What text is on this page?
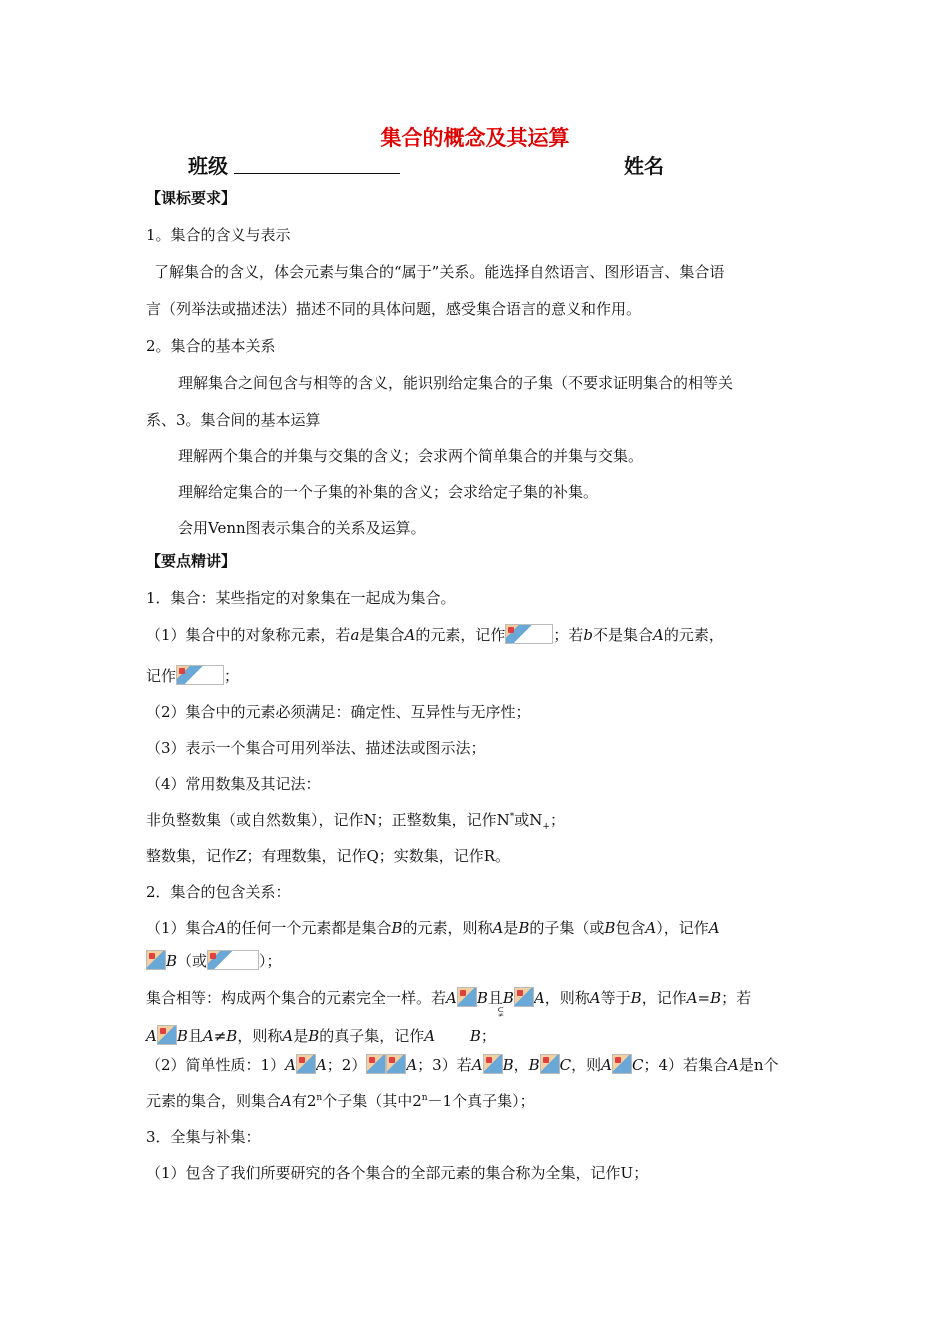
集合的概念及其运算
班级	姓名
【课标要求】
1。集合的含义与表示
了解集合的含义，体会元素与集合的“属于”关系。能选择自然语言、图形语言、集合语
言（列举法或描述法）描述不同的具体问题，感受集合语言的意义和作用。
2。集合的基本关系
理解集合之间包含与相等的含义，能识别给定集合的子集（不要求证明集合的相等关
系、3。集合间的基本运算
理解两个集合的并集与交集的含义；会求两个简单集合的并集与交集。
理解给定集合的一个子集的补集的含义；会求给定子集的补集。
会用Venn图表示集合的关系及运算。
【要点精讲】
1．集合：某些指定的对象集在一起成为集合。
（1）集合中的对象称元素，若a是集合A的元素，记作	；若b不是集合A的元素，
记作	；
（2）集合中的元素必须满足：确定性、互异性与无序性；
（3）表示一个集合可用列举法、描述法或图示法；
（4）常用数集及其记法：
非负整数集（或自然数集），记作N；正整数集，记作N*或$N_+$；
整数集，记作Z；有理数集，记作Q；实数集，记作R。
2．集合的包含关系：
（1）集合A的任何一个元素都是集合B的元素，则称A是B的子集（或B包含A），记作A
B（或	）；
集合相等：构成两个集合的元素完全一样。若A B且B A，则称A等于B，记作A=B；若
A B且A≠B，则称A是B的真子集，记作A B；
⫋
（2）简单性质：1）A A；2）	A；3）若A B，B C，则A C；4）若集合A是n个
元素的集合，则集合A有2$^n$个子集（其中$2^n-1$个真子集）；
3．全集与补集：
（1）包含了我们所要研究的各个集合的全部元素的集合称为全集，记作U；
